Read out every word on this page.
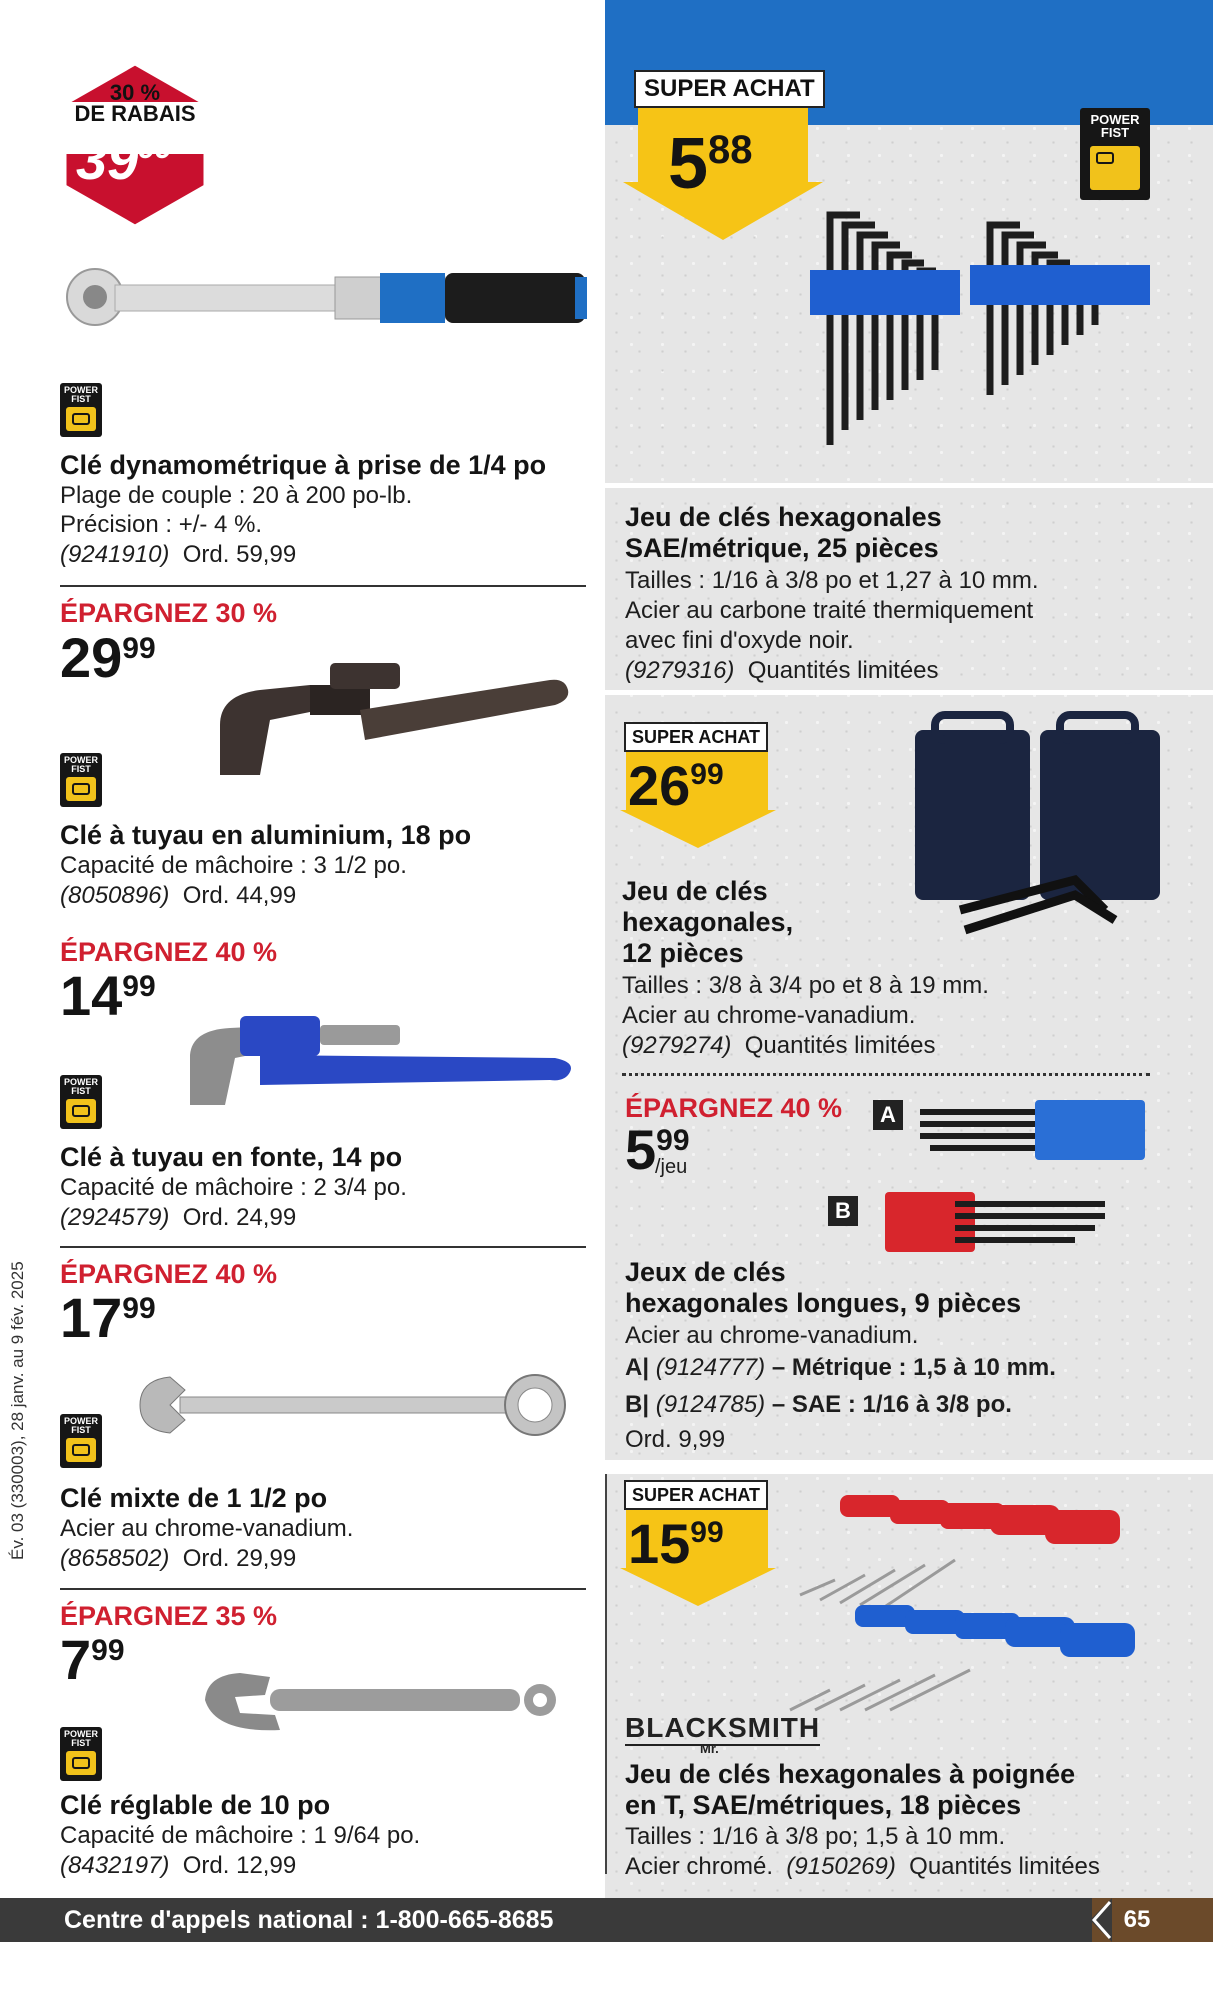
30 %
DE RABAIS
3999
POWER FIST
Clé dynamométrique à prise de 1/4 po
Plage de couple : 20 à 200 po-lb.
Précision : +/- 4 %.
(9241910) Ord. 59,99
ÉPARGNEZ 30 %
2999
POWER FIST
Clé à tuyau en aluminium, 18 po
Capacité de mâchoire : 3 1/2 po.
(8050896) Ord. 44,99
ÉPARGNEZ 40 %
1499
POWER FIST
Clé à tuyau en fonte, 14 po
Capacité de mâchoire : 2 3/4 po.
(2924579) Ord. 24,99
ÉPARGNEZ 40 %
1799
POWER FIST
Clé mixte de 1 1/2 po
Acier au chrome-vanadium.
(8658502) Ord. 29,99
ÉPARGNEZ 35 %
799
POWER FIST
Clé réglable de 10 po
Capacité de mâchoire : 1 9/64 po.
(8432197) Ord. 12,99
Év. 03 (330003), 28 janv. au 9 fév. 2025
SUPER ACHAT
588
POWER FIST
Jeu de clés hexagonales
SAE/métrique, 25 pièces
Tailles : 1/16 à 3/8 po et 1,27 à 10 mm.
Acier au carbone traité thermiquement
avec fini d'oxyde noir.
(9279316) Quantités limitées
SUPER ACHAT
2699
Jeu de clés
hexagonales,
12 pièces
Tailles : 3/8 à 3/4 po et 8 à 19 mm.
Acier au chrome-vanadium.
(9279274) Quantités limitées
ÉPARGNEZ 40 %	A
B
599
/jeu
Jeux de clés
hexagonales longues, 9 pièces
Acier au chrome-vanadium.
A| (9124777) – Métrique : 1,5 à 10 mm.
B| (9124785) – SAE : 1/16 à 3/8 po.
Ord. 9,99
SUPER ACHAT
1599
BLACKSMITH
Mr.
Jeu de clés hexagonales à poignée
en T, SAE/métriques, 18 pièces
Tailles : 1/16 à 3/8 po; 1,5 à 10 mm.
Acier chromé. (9150269) Quantités limitées
Centre d'appels national : 1-800-665-8685	65
